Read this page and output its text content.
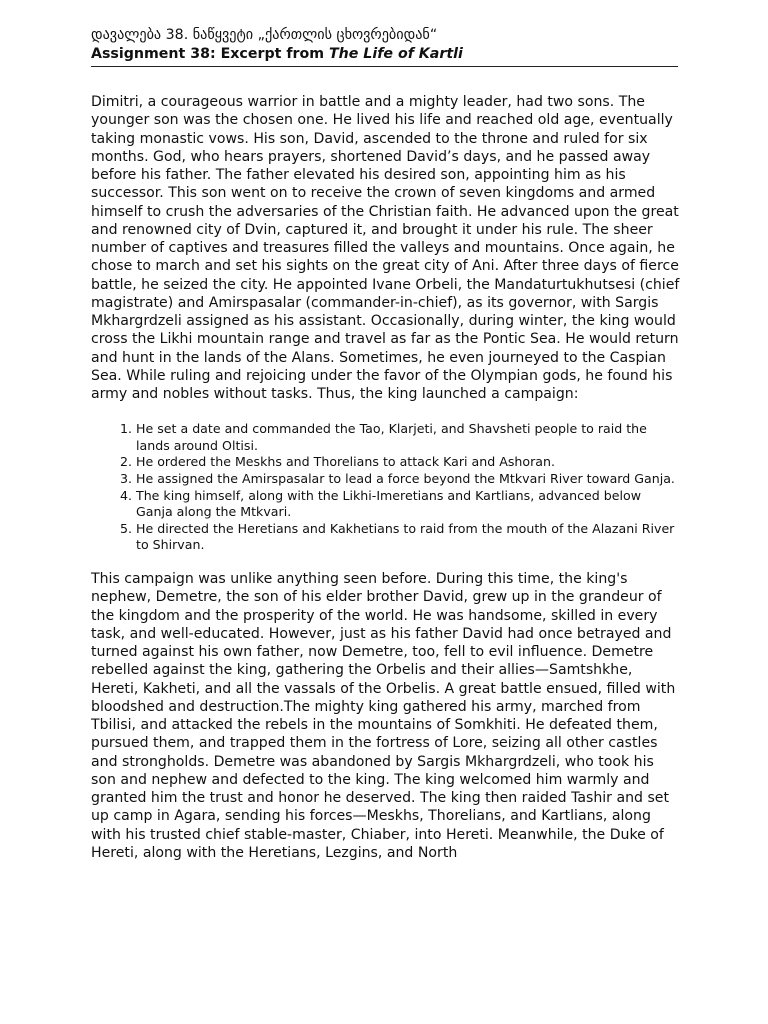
დავალება 38. ნაწყვეტი „ქართლის ცხოვრებიდან“
Assignment 38: Excerpt from The Life of Kartli

Dimitri, a courageous warrior in battle and a mighty leader, had two sons. The younger son was the chosen one. He lived his life and reached old age, eventually taking monastic vows. His son, David, ascended to the throne and ruled for six months. God, who hears prayers, shortened David’s days, and he passed away before his father. The father elevated his desired son, appointing him as his successor. This son went on to receive the crown of seven kingdoms and armed himself to crush the adversaries of the Christian faith. He advanced upon the great and renowned city of Dvin, captured it, and brought it under his rule. The sheer number of captives and treasures filled the valleys and mountains. Once again, he chose to march and set his sights on the great city of Ani. After three days of fierce battle, he seized the city. He appointed Ivane Orbeli, the Mandaturtukhutsesi (chief magistrate) and Amirspasalar (commander-in-chief), as its governor, with Sargis Mkhargrdzeli assigned as his assistant. Occasionally, during winter, the king would cross the Likhi mountain range and travel as far as the Pontic Sea. He would return and hunt in the lands of the Alans. Sometimes, he even journeyed to the Caspian Sea. While ruling and rejoicing under the favor of the Olympian gods, he found his army and nobles without tasks. Thus, the king launched a campaign:

1. He set a date and commanded the Tao, Klarjeti, and Shavsheti people to raid the lands around Oltisi.
2. He ordered the Meskhs and Thorelians to attack Kari and Ashoran.
3. He assigned the Amirspasalar to lead a force beyond the Mtkvari River toward Ganja.
4. The king himself, along with the Likhi-Imeretians and Kartlians, advanced below Ganja along the Mtkvari.
5. He directed the Heretians and Kakhetians to raid from the mouth of the Alazani River to Shirvan.

This campaign was unlike anything seen before. During this time, the king's nephew, Demetre, the son of his elder brother David, grew up in the grandeur of the kingdom and the prosperity of the world. He was handsome, skilled in every task, and well-educated. However, just as his father David had once betrayed and turned against his own father, now Demetre, too, fell to evil influence. Demetre rebelled against the king, gathering the Orbelis and their allies—Samtshkhe, Hereti, Kakheti, and all the vassals of the Orbelis. A great battle ensued, filled with bloodshed and destruction.The mighty king gathered his army, marched from Tbilisi, and attacked the rebels in the mountains of Somkhiti. He defeated them, pursued them, and trapped them in the fortress of Lore, seizing all other castles and strongholds. Demetre was abandoned by Sargis Mkhargrdzeli, who took his son and nephew and defected to the king. The king welcomed him warmly and granted him the trust and honor he deserved. The king then raided Tashir and set up camp in Agara, sending his forces—Meskhs, Thorelians, and Kartlians, along with his trusted chief stable-master, Chiaber, into Hereti. Meanwhile, the Duke of Hereti, along with the Heretians, Lezgins, and North
